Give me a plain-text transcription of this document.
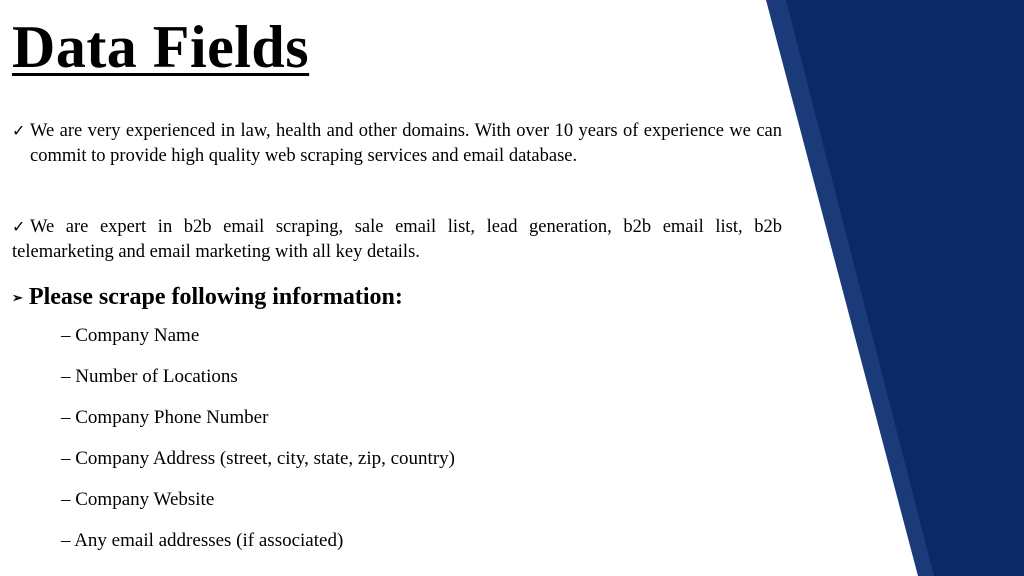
Data Fields
✓ We are very experienced in law, health and other domains. With over 10 years of experience we can commit to provide high quality web scraping services and email database.
✓ We are expert in b2b email scraping, sale email list, lead generation, b2b email list, b2b telemarketing and email marketing with all key details.
➢ Please scrape following information:
– Company Name
– Number of Locations
– Company Phone Number
– Company Address (street, city, state, zip, country)
– Company Website
– Any email addresses (if associated)
